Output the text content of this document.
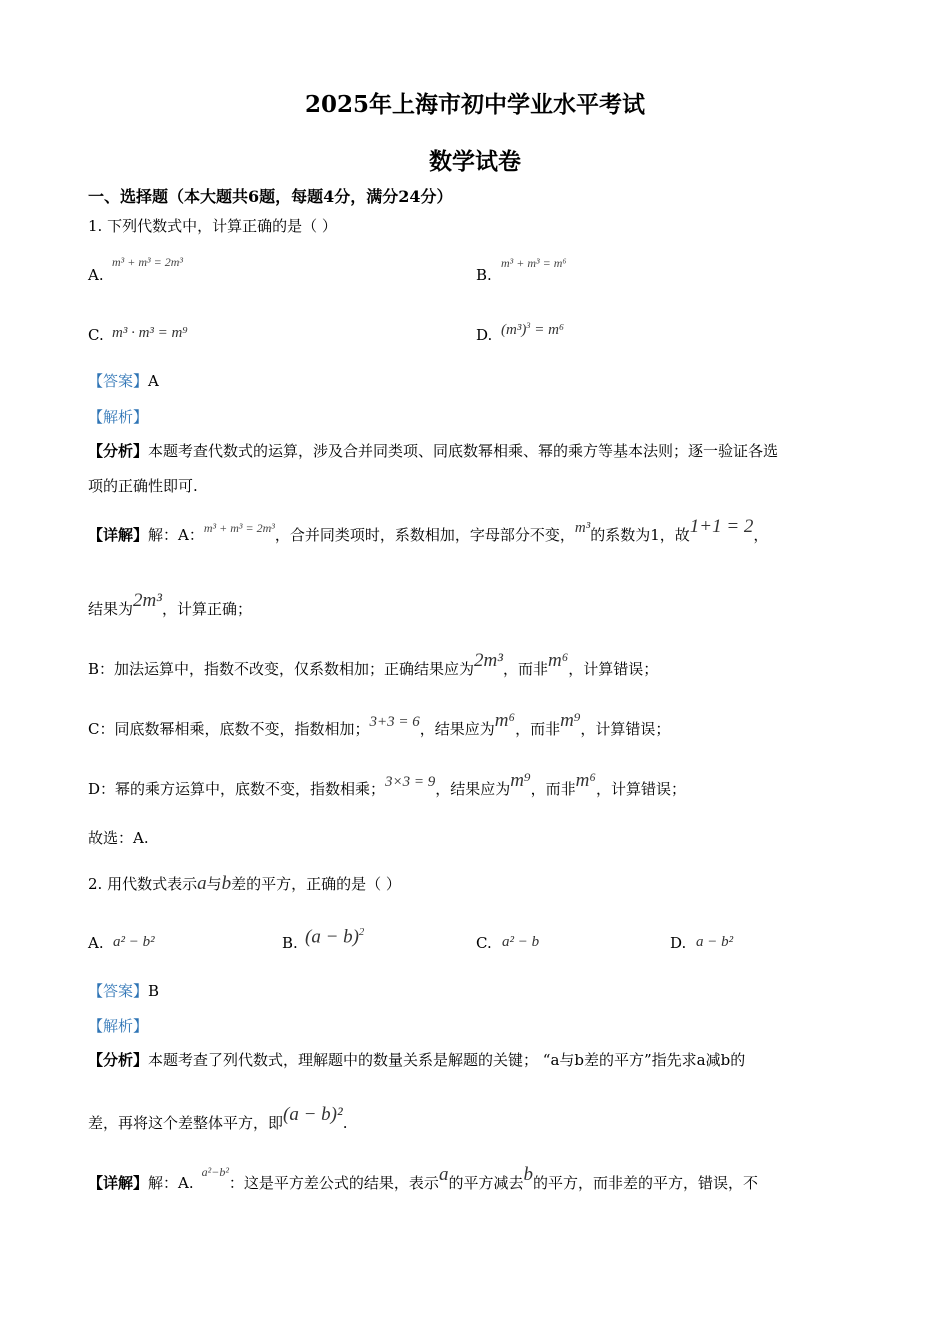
2025年上海市初中学业水平考试
数学试卷
一、选择题（本大题共6题，每题4分，满分24分）
1. 下列代数式中，计算正确的是（ ）
A.
m³ + m³ = 2m³
B.
m³ + m³ = m⁶
C. m³ · m³ = m⁹	D. $(m^3)^3 = m^6$
【答案】A
【解析】
【分析】本题考查代数式的运算，涉及合并同类项、同底数幂相乘、幂的乘方等基本法则；逐一验证各选
项的正确性即可.
【详解】解：A：$^{m^3 + m^3 = 2m^3}$，合并同类项时，系数相加，字母部分不变，m³的系数为1，故1+1 = 2，
结果为2m³，计算正确；
B：加法运算中，指数不改变，仅系数相加；正确结果应为2m³，而非m⁶，计算错误；
C：同底数幂相乘，底数不变，指数相加；3+3 = 6，结果应为m⁶，而非m⁹，计算错误；
D：幂的乘方运算中，底数不变，指数相乘；3×3 = 9，结果应为m⁹，而非m⁶，计算错误；
故选：A.
2. 用代数式表示a与b差的平方，正确的是（ ）
A. a² − b²	B. $(a - b)^2$
C. a² − b	D. a − b²
【答案】B
【解析】
【分析】本题考查了列代数式，理解题中的数量关系是解题的关键； “a与b差的平方”指先求a减b的
差，再将这个差整体平方，即(a − b)².
【详解】解：A.$^{a^2-b^2}$：这是平方差公式的结果，表示a的平方减去b的平方，而非差的平方，错误，不
